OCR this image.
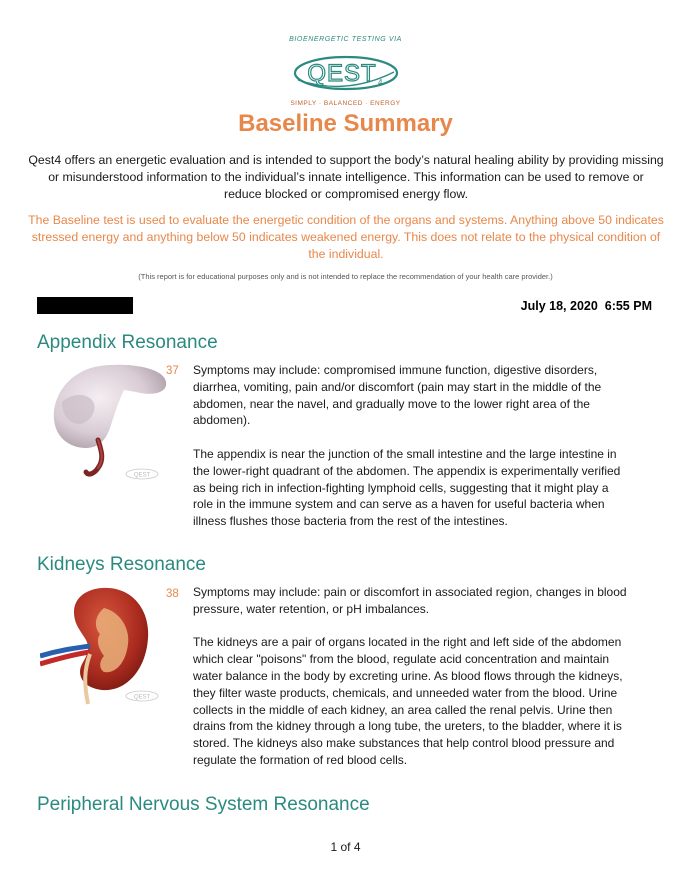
BIOENERGETIC TESTING VIA
QEST 4
SIMPLY · BALANCED · ENERGY
Baseline Summary
Qest4 offers an energetic evaluation and is intended to support the body’s natural healing ability by providing missing or misunderstood information to the individual’s innate intelligence. This information can be used to remove or reduce blocked or compromised energy flow.
The Baseline test is used to evaluate the energetic condition of the organs and systems. Anything above 50 indicates stressed energy and anything below 50 indicates weakened energy. This does not relate to the physical condition of the individual.
(This report is for educational purposes only and is not intended to replace the recommendation of your health care provider.)
July 18, 2020  6:55 PM
Appendix Resonance
QEST
37 Symptoms may include: compromised immune function, digestive disorders, diarrhea, vomiting, pain and/or discomfort (pain may start in the middle of the abdomen, near the navel, and gradually move to the lower right area of the abdomen).

The appendix is near the junction of the small intestine and the large intestine in the lower-right quadrant of the abdomen. The appendix is experimentally verified as being rich in infection-fighting lymphoid cells, suggesting that it might play a role in the immune system and can serve as a haven for useful bacteria when illness flushes those bacteria from the rest of the intestines.

Kidneys Resonance
QEST
38 Symptoms may include: pain or discomfort in associated region, changes in blood pressure, water retention, or pH imbalances.

The kidneys are a pair of organs located in the right and left side of the abdomen which clear "poisons" from the blood, regulate acid concentration and maintain water balance in the body by excreting urine. As blood flows through the kidneys, they filter waste products, chemicals, and unneeded water from the blood. Urine collects in the middle of each kidney, an area called the renal pelvis. Urine then drains from the kidney through a long tube, the ureters, to the bladder, where it is stored. The kidneys also make substances that help control blood pressure and regulate the formation of red blood cells.

Peripheral Nervous System Resonance
1 of 4
